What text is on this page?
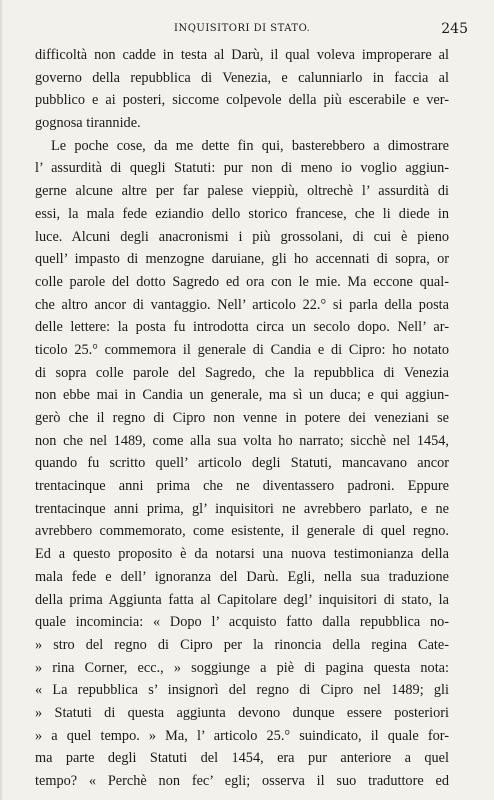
INQUISITORI DI STATO.	245
difficoltà non cadde in testa al Darù, il qual voleva improperare al
governo della repubblica di Venezia, e calunniarlo in faccia al
pubblico e ai posteri, siccome colpevole della più escerabile e ver-
gognosa tirannide.
Le poche cose, da me dette fin qui, basterebbero a dimostrare
l’ assurdità di quegli Statuti: pur non di meno io voglio aggiun-
gerne alcune altre per far palese vieppiù, oltrechè l’ assurdità di
essi, la mala fede eziandio dello storico francese, che li diede in
luce. Alcuni degli anacronismi i più grossolani, di cui è pieno
quell’ impasto di menzogne daruiane, gli ho accennati di sopra, or
colle parole del dotto Sagredo ed ora con le mie. Ma eccone qual-
che altro ancor di vantaggio. Nell’ articolo 22.° si parla della posta
delle lettere: la posta fu introdotta circa un secolo dopo. Nell’ ar-
ticolo 25.° commemora il generale di Candia e di Cipro: ho notato
di sopra colle parole del Sagredo, che la repubblica di Venezia
non ebbe mai in Candia un generale, ma sì un duca; e qui aggiun-
gerò che il regno di Cipro non venne in potere dei veneziani se
non che nel 1489, come alla sua volta ho narrato; sicchè nel 1454,
quando fu scritto quell’ articolo degli Statuti, mancavano ancor
trentacinque anni prima che ne diventassero padroni. Eppure
trentacinque anni prima, gl’ inquisitori ne avrebbero parlato, e ne
avrebbero commemorato, come esistente, il generale di quel regno.
Ed a questo proposito è da notarsi una nuova testimonianza della
mala fede e dell’ ignoranza del Darù. Egli, nella sua traduzione
della prima Aggiunta fatta al Capitolare degl’ inquisitori di stato, la
quale incomincia: « Dopo l’ acquisto fatto dalla repubblica no-
» stro del regno di Cipro per la rinoncia della regina Cate-
» rina Corner, ecc., » soggiunge a piè di pagina questa nota:
« La repubblica s’ insignorì del regno di Cipro nel 1489; gli
» Statuti di questa aggiunta devono dunque essere posteriori
» a quel tempo. » Ma, l’ articolo 25.° suindicato, il quale for-
ma parte degli Statuti del 1454, era pur anteriore a quel
tempo? « Perchè non fec’ egli; osserva il suo traduttore ed
